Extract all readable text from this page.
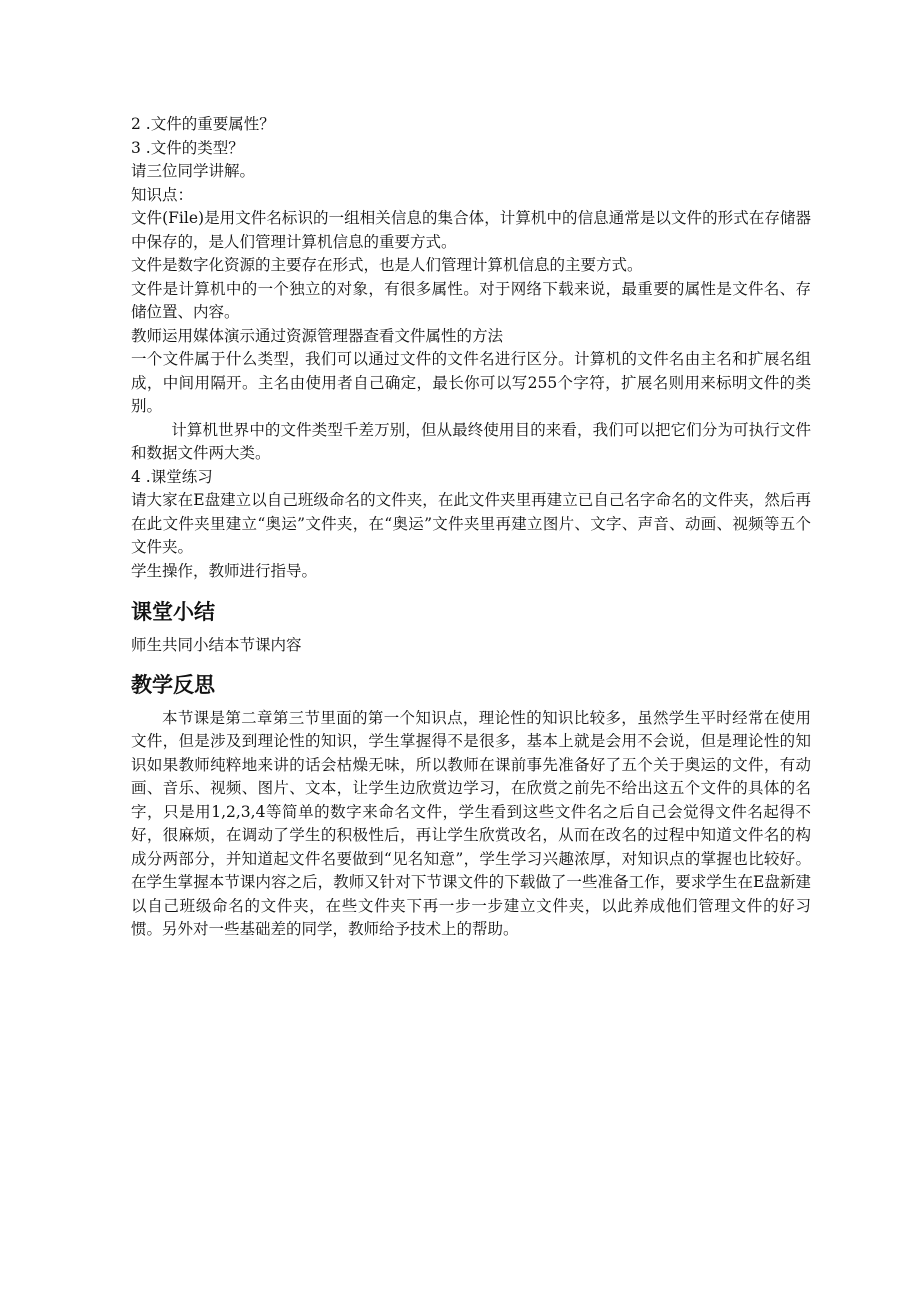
2 .文件的重要属性？

3 .文件的类型？

请三位同学讲解。

知识点：

文件(File)是用文件名标识的一组相关信息的集合体，计算机中的信息通常是以文件的形式在存储器中保存的，是人们管理计算机信息的重要方式。

文件是数字化资源的主要存在形式，也是人们管理计算机信息的主要方式。

文件是计算机中的一个独立的对象，有很多属性。对于网络下载来说，最重要的属性是文件名、存储位置、内容。

教师运用媒体演示通过资源管理器查看文件属性的方法

一个文件属于什么类型，我们可以通过文件的文件名进行区分。计算机的文件名由主名和扩展名组成，中间用隔开。主名由使用者自己确定，最长你可以写255个字符，扩展名则用来标明文件的类别。

计算机世界中的文件类型千差万别，但从最终使用目的来看，我们可以把它们分为可执行文件和数据文件两大类。

4 .课堂练习

请大家在E盘建立以自己班级命名的文件夹，在此文件夹里再建立已自己名字命名的文件夹，然后再在此文件夹里建立“奥运”文件夹，在“奥运”文件夹里再建立图片、文字、声音、动画、视频等五个文件夹。

学生操作，教师进行指导。

课堂小结

师生共同小结本节课内容

教学反思

本节课是第二章第三节里面的第一个知识点，理论性的知识比较多，虽然学生平时经常在使用文件，但是涉及到理论性的知识，学生掌握得不是很多，基本上就是会用不会说，但是理论性的知识如果教师纯粹地来讲的话会枯燥无味，所以教师在课前事先准备好了五个关于奥运的文件，有动画、音乐、视频、图片、文本，让学生边欣赏边学习，在欣赏之前先不给出这五个文件的具体的名字，只是用1,2,3,4等简单的数字来命名文件，学生看到这些文件名之后自己会觉得文件名起得不好，很麻烦，在调动了学生的积极性后，再让学生欣赏改名，从而在改名的过程中知道文件名的构成分两部分，并知道起文件名要做到“见名知意”，学生学习兴趣浓厚，对知识点的掌握也比较好。在学生掌握本节课内容之后，教师又针对下节课文件的下载做了一些准备工作，要求学生在E盘新建以自己班级命名的文件夹，在些文件夹下再一步一步建立文件夹，以此养成他们管理文件的好习惯。另外对一些基础差的同学，教师给予技术上的帮助。
